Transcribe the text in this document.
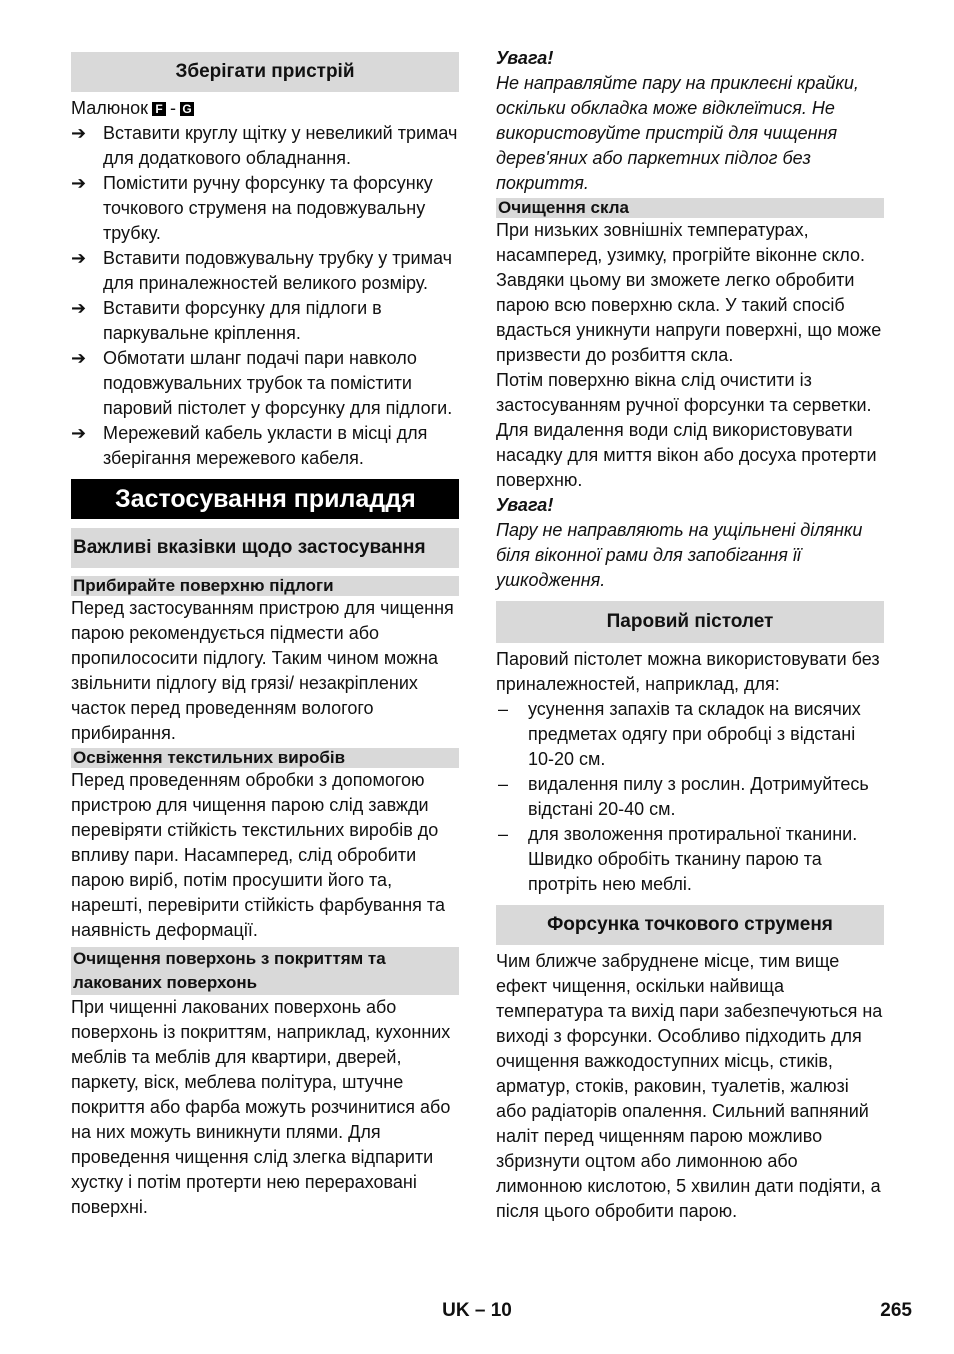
Зберігати пристрій
Малюнок F - G
➔ Вставити круглу щітку у невеликий тримач для додаткового обладнання.
➔ Помістити ручну форсунку та форсунку точкового струменя на подовжувальну трубку.
➔ Вставити подовжувальну трубку у тримач для приналежностей великого розміру.
➔ Вставити форсунку для підлоги в паркувальне кріплення.
➔ Обмотати шланг подачі пари навколо подовжувальних трубок та помістити паровий пістолет у форсунку для підлоги.
➔ Мережевий кабель укласти в місці для зберігання мережевого кабеля.
Застосування приладдя
Важливі вказівки щодо застосування
Прибирайте поверхню підлоги

Перед застосуванням пристрою для чищення парою рекомендується підмести або пропилососити підлогу. Таким чином можна звільнити підлогу від грязі/ незакріплених часток перед проведенням вологого прибирання.

Освіження текстильних виробів

Перед проведенням обробки з допомогою пристрою для чищення парою слід завжди перевіряти стійкість текстильних виробів до впливу пари. Насамперед, слід обробити парою виріб, потім просушити його та, нарешті, перевірити стійкість фарбування та наявність деформації.

Очищення поверхонь з покриттям та лакованих поверхонь

При чищенні лакованих поверхонь або поверхонь із покриттям, наприклад, кухонних меблів та меблів для квартири, дверей, паркету, віск, меблева політура, штучне покриття або фарба можуть розчинитися або на них можуть виникнути плями. Для проведення чищення слід злегка відпарити хустку і потім протерти нею перераховані поверхні.

Увага!

Не направляйте пару на приклеєні крайки, оскільки обкладка може відклеїтися. Не використовуйте пристрій для чищення дерев'яних або паркетних підлог без покриття.

Очищення скла

При низьких зовнішніх температурах, насамперед, узимку, прогрійте віконне скло. Завдяки цьому ви зможете легко обробити парою всю поверхню скла. У такий спосіб вдасться уникнути напруги поверхні, що може призвести до розбиття скла.

Потім поверхню вікна слід очистити із застосуванням ручної форсунки та серветки. Для видалення води слід використовувати насадку для миття вікон або досуха протерти поверхню.

Увага!

Пару не направляють на ущільнені ділянки біля віконної рами для запобігання її ушкодження.

Паровий пістолет

Паровий пістолет можна використовувати без приналежностей, наприклад, для:

– усунення запахів та складок на висячих предметах одягу при обробці з відстані 10-20 см.
– видалення пилу з рослин. Дотримуйтесь відстані 20-40 см.
– для зволоження протиральної тканини. Швидко обробіть тканину парою та протріть нею меблі.
Форсунка точкового струменя

Чим ближче забруднене місце, тим вище ефект чищення, оскільки найвища температура та вихід пари забезпечуються на виході з форсунки. Особливо підходить для очищення важкодоступних місць, стиків, арматур, стоків, раковин, туалетів, жалюзі або радіаторів опалення. Сильний вапняний наліт перед чищенням парою можливо збризнути оцтом або лимонною або лимонною кислотою, 5 хвилин дати подіяти, а після цього обробити парою.

UK – 10	265
